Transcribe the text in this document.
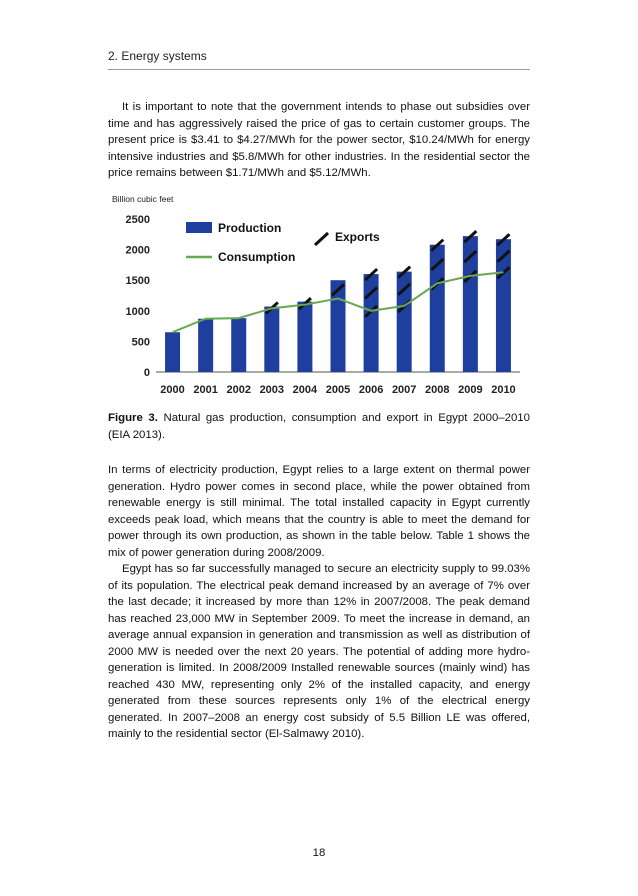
2. Energy systems

It is important to note that the government intends to phase out subsidies over time and has aggressively raised the price of gas to certain customer groups. The present price is $3.41 to $4.27/MWh for the power sector, $10.24/MWh for energy intensive industries and $5.8/MWh for other industries. In the residential sector the price remains between $1.71/MWh and $5.12/MWh.

Billion cubic feet
0
500
1000
1500
2000
2500
2000 2001 2002 2003 2004 2005 2006 2007 2008 2009 2010
Production
Exports
Consumption

Figure 3. Natural gas production, consumption and export in Egypt 2000–2010 (EIA 2013).

In terms of electricity production, Egypt relies to a large extent on thermal power generation. Hydro power comes in second place, while the power obtained from renewable energy is still minimal. The total installed capacity in Egypt currently exceeds peak load, which means that the country is able to meet the demand for power through its own production, as shown in the table below. Table 1 shows the mix of power generation during 2008/2009.

Egypt has so far successfully managed to secure an electricity supply to 99.03% of its population. The electrical peak demand increased by an average of 7% over the last decade; it increased by more than 12% in 2007/2008. The peak demand has reached 23,000 MW in September 2009. To meet the increase in demand, an average annual expansion in generation and transmission as well as distribution of 2000 MW is needed over the next 20 years. The potential of adding more hydro-generation is limited. In 2008/2009 Installed renewable sources (mainly wind) has reached 430 MW, representing only 2% of the installed capacity, and energy generated from these sources represents only 1% of the electrical energy generated. In 2007–2008 an energy cost subsidy of 5.5 Billion LE was offered, mainly to the residential sector (El-Salmawy 2010).

18
